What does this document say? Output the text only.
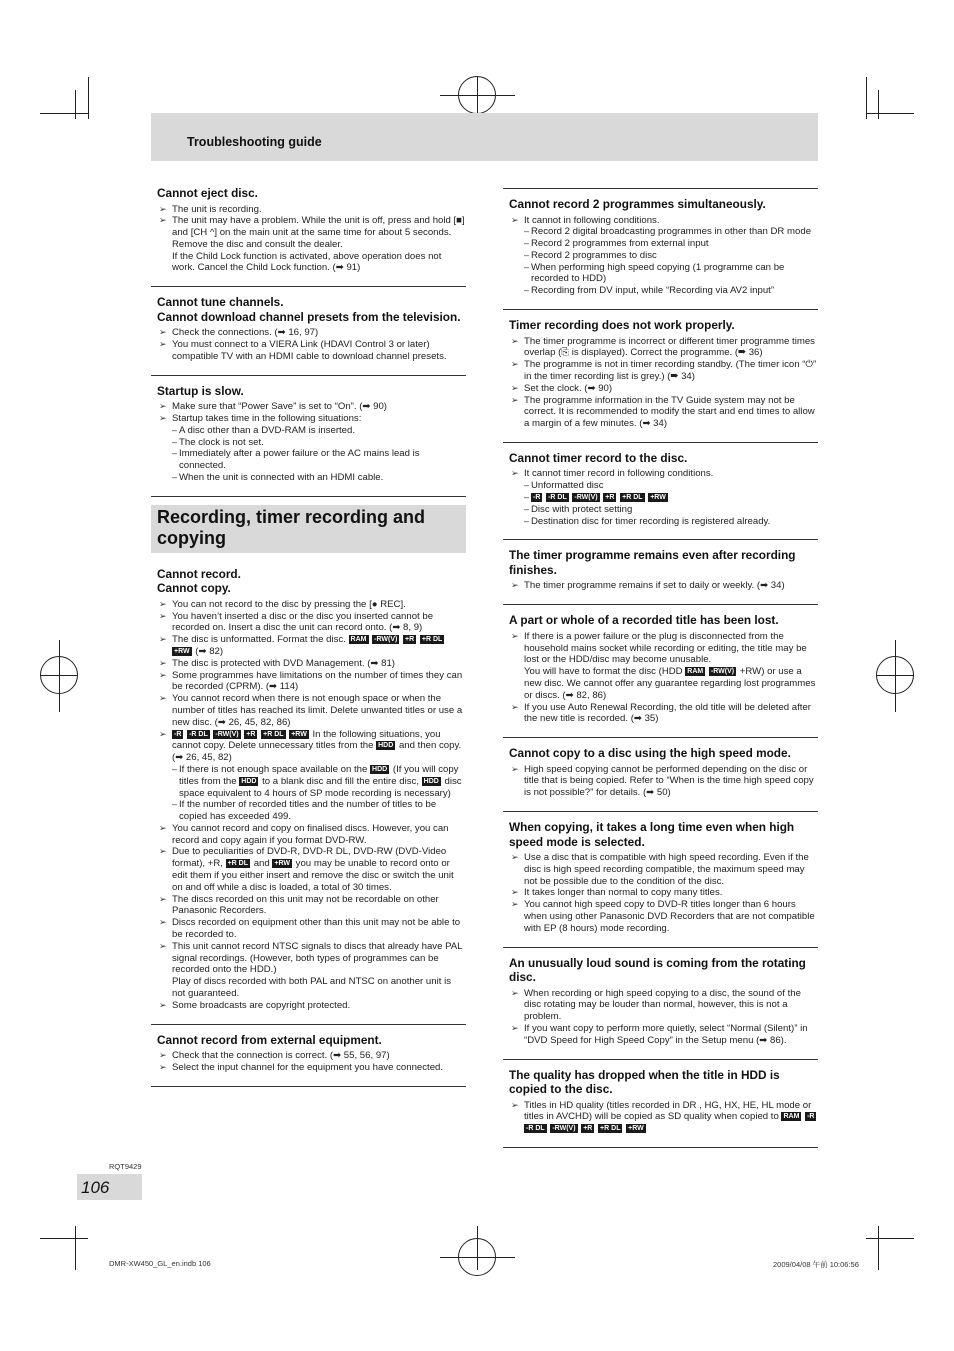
Troubleshooting guide
Cannot eject disc.
➢ The unit is recording.
➢ The unit may have a problem. While the unit is off, press and hold [■] and [CH ^] on the main unit at the same time for about 5 seconds. Remove the disc and consult the dealer.
If the Child Lock function is activated, above operation does not work. Cancel the Child Lock function. (➡ 91)
Cannot tune channels.
Cannot download channel presets from the television.
➢ Check the connections. (➡ 16, 97)
➢ You must connect to a VIERA Link (HDAVI Control 3 or later) compatible TV with an HDMI cable to download channel presets.
Startup is slow.
➢ Make sure that “Power Save” is set to “On”. (➡ 90)
➢ Startup takes time in the following situations:
– A disc other than a DVD-RAM is inserted.
– The clock is not set.
– Immediately after a power failure or the AC mains lead is connected.
– When the unit is connected with an HDMI cable.
Recording, timer recording and copying
Cannot record.
Cannot copy.
➢ You can not record to the disc by pressing the [● REC].
➢ You haven’t inserted a disc or the disc you inserted cannot be recorded on. Insert a disc the unit can record onto. (➡ 8, 9)
➢ The disc is unformatted. Format the disc. RAM -RW(V) +R +R DL +RW (➡ 82)
➢ The disc is protected with DVD Management. (➡ 81)
➢ Some programmes have limitations on the number of times they can be recorded (CPRM). (➡ 114)
➢ You cannot record when there is not enough space or when the number of titles has reached its limit. Delete unwanted titles or use a new disc. (➡ 26, 45, 82, 86)
➢ -R -R DL -RW(V) +R +R DL +RW In the following situations, you cannot copy. Delete unnecessary titles from the HDD and then copy. (➡ 26, 45, 82)
– If there is not enough space available on the HDD (If you will copy titles from the HDD to a blank disc and fill the entire disc, HDD disc space equivalent to 4 hours of SP mode recording is necessary)
– If the number of recorded titles and the number of titles to be copied has exceeded 499.
➢ You cannot record and copy on finalised discs. However, you can record and copy again if you format DVD-RW.
➢ Due to peculiarities of DVD-R, DVD-R DL, DVD-RW (DVD-Video format), +R, +R DL and +RW you may be unable to record onto or edit them if you either insert and remove the disc or switch the unit on and off while a disc is loaded, a total of 30 times.
➢ The discs recorded on this unit may not be recordable on other Panasonic Recorders.
➢ Discs recorded on equipment other than this unit may not be able to be recorded to.
➢ This unit cannot record NTSC signals to discs that already have PAL signal recordings. (However, both types of programmes can be recorded onto the HDD.)
Play of discs recorded with both PAL and NTSC on another unit is not guaranteed.
➢ Some broadcasts are copyright protected.
Cannot record from external equipment.
➢ Check that the connection is correct. (➡ 55, 56, 97)
➢ Select the input channel for the equipment you have connected.
Cannot record 2 programmes simultaneously.
➢ It cannot in following conditions.
– Record 2 digital broadcasting programmes in other than DR mode
– Record 2 programmes from external input
– Record 2 programmes to disc
– When performing high speed copying (1 programme can be recorded to HDD)
– Recording from DV input, while “Recording via AV2 input”
Timer recording does not work properly.
➢ The timer programme is incorrect or different timer programme times overlap (⎘ is displayed). Correct the programme. (➡ 36)
➢ The programme is not in timer recording standby. (The timer icon “⏻” in the timer recording list is grey.) (➡ 34)
➢ Set the clock. (➡ 90)
➢ The programme information in the TV Guide system may not be correct. It is recommended to modify the start and end times to allow a margin of a few minutes. (➡ 34)
Cannot timer record to the disc.
➢ It cannot timer record in following conditions.
– Unformatted disc
– -R -R DL -RW(V) +R +R DL +RW
– Disc with protect setting
– Destination disc for timer recording is registered already.
The timer programme remains even after recording finishes.
➢ The timer programme remains if set to daily or weekly. (➡ 34)
A part or whole of a recorded title has been lost.
➢ If there is a power failure or the plug is disconnected from the household mains socket while recording or editing, the title may be lost or the HDD/disc may become unusable.
You will have to format the disc (HDD RAM -RW(V) +RW) or use a new disc. We cannot offer any guarantee regarding lost programmes or discs. (➡ 82, 86)
➢ If you use Auto Renewal Recording, the old title will be deleted after the new title is recorded. (➡ 35)
Cannot copy to a disc using the high speed mode.
➢ High speed copying cannot be performed depending on the disc or title that is being copied. Refer to “When is the time high speed copy is not possible?” for details. (➡ 50)
When copying, it takes a long time even when high speed mode is selected.
➢ Use a disc that is compatible with high speed recording. Even if the disc is high speed recording compatible, the maximum speed may not be possible due to the condition of the disc.
➢ It takes longer than normal to copy many titles.
➢ You cannot high speed copy to DVD-R titles longer than 6 hours when using other Panasonic DVD Recorders that are not compatible with EP (8 hours) mode recording.
An unusually loud sound is coming from the rotating disc.
➢ When recording or high speed copying to a disc, the sound of the disc rotating may be louder than normal, however, this is not a problem.
➢ If you want copy to perform more quietly, select “Normal (Silent)” in “DVD Speed for High Speed Copy” in the Setup menu (➡ 86).
The quality has dropped when the title in HDD is copied to the disc.
➢ Titles in HD quality (titles recorded in DR , HG, HX, HE, HL mode or titles in AVCHD) will be copied as SD quality when copied to RAM -R -R DL -RW(V) +R +R DL +RW
RQT9429
106
DMR-XW450_GL_en.indb 106	2009/04/08 午前 10:06:56
